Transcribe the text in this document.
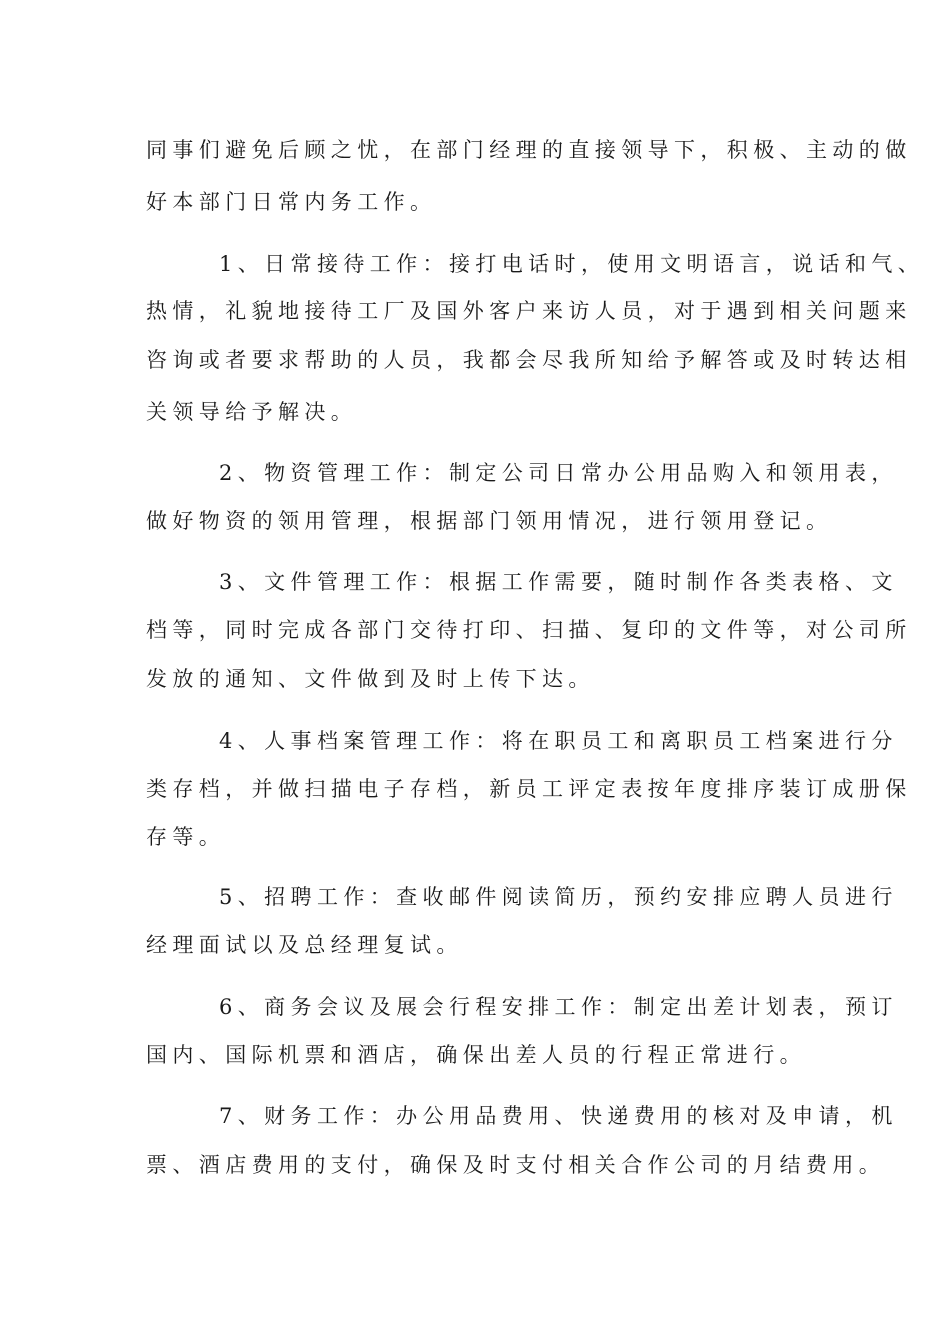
同事们避免后顾之忧，在部门经理的直接领导下，积极、主动的做
好本部门日常内务工作。
1、日常接待工作：接打电话时，使用文明语言，说话和气、
热情，礼貌地接待工厂及国外客户来访人员，对于遇到相关问题来
咨询或者要求帮助的人员，我都会尽我所知给予解答或及时转达相
关领导给予解决。
2、物资管理工作：制定公司日常办公用品购入和领用表，
做好物资的领用管理，根据部门领用情况，进行领用登记。
3、文件管理工作：根据工作需要，随时制作各类表格、文
档等，同时完成各部门交待打印、扫描、复印的文件等，对公司所
发放的通知、文件做到及时上传下达。
4、人事档案管理工作：将在职员工和离职员工档案进行分
类存档，并做扫描电子存档，新员工评定表按年度排序装订成册保
存等。
5、招聘工作：查收邮件阅读简历，预约安排应聘人员进行
经理面试以及总经理复试。
6、商务会议及展会行程安排工作：制定出差计划表，预订
国内、国际机票和酒店，确保出差人员的行程正常进行。
7、财务工作：办公用品费用、快递费用的核对及申请，机
票、酒店费用的支付，确保及时支付相关合作公司的月结费用。
